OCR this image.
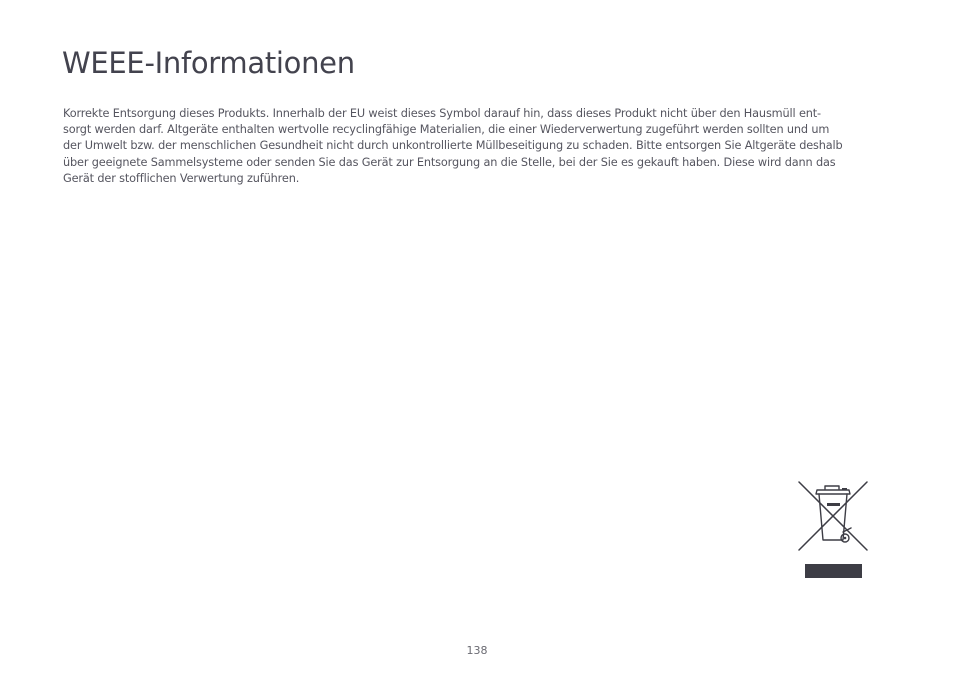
WEEE-Informationen

Korrekte Entsorgung dieses Produkts. Innerhalb der EU weist dieses Symbol darauf hin, dass dieses Produkt nicht über den Hausmüll ent-
sorgt werden darf. Altgeräte enthalten wertvolle recyclingfähige Materialien, die einer Wiederverwertung zugeführt werden sollten und um
der Umwelt bzw. der menschlichen Gesundheit nicht durch unkontrollierte Müllbeseitigung zu schaden. Bitte entsorgen Sie Altgeräte deshalb
über geeignete Sammelsysteme oder senden Sie das Gerät zur Entsorgung an die Stelle, bei der Sie es gekauft haben. Diese wird dann das
Gerät der stofflichen Verwertung zuführen.

138
